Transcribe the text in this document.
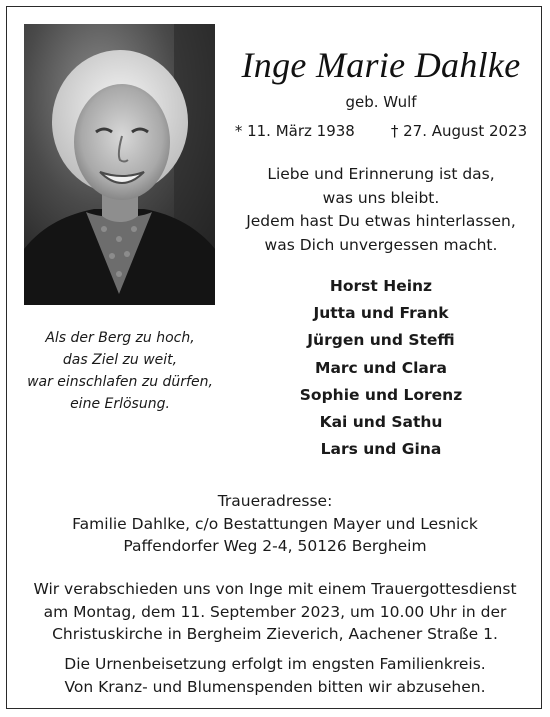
Inge Marie Dahlke
geb. Wulf
* 11. März 1938 † 27. August 2023
Liebe und Erinnerung ist das,
was uns bleibt.
Jedem hast Du etwas hinterlassen,
was Dich unvergessen macht.
Als der Berg zu hoch,
das Ziel zu weit,
war einschlafen zu dürfen,
eine Erlösung.
Horst Heinz
Jutta und Frank
Jürgen und Steffi
Marc und Clara
Sophie und Lorenz
Kai und Sathu
Lars und Gina
Traueradresse:
Familie Dahlke, c/o Bestattungen Mayer und Lesnick
Paffendorfer Weg 2-4, 50126 Bergheim
Wir verabschieden uns von Inge mit einem Trauergottesdienst
am Montag, dem 11. September 2023, um 10.00 Uhr in der
Christuskirche in Bergheim Zieverich, Aachener Straße 1.
Die Urnenbeisetzung erfolgt im engsten Familienkreis.
Von Kranz- und Blumenspenden bitten wir abzusehen.
